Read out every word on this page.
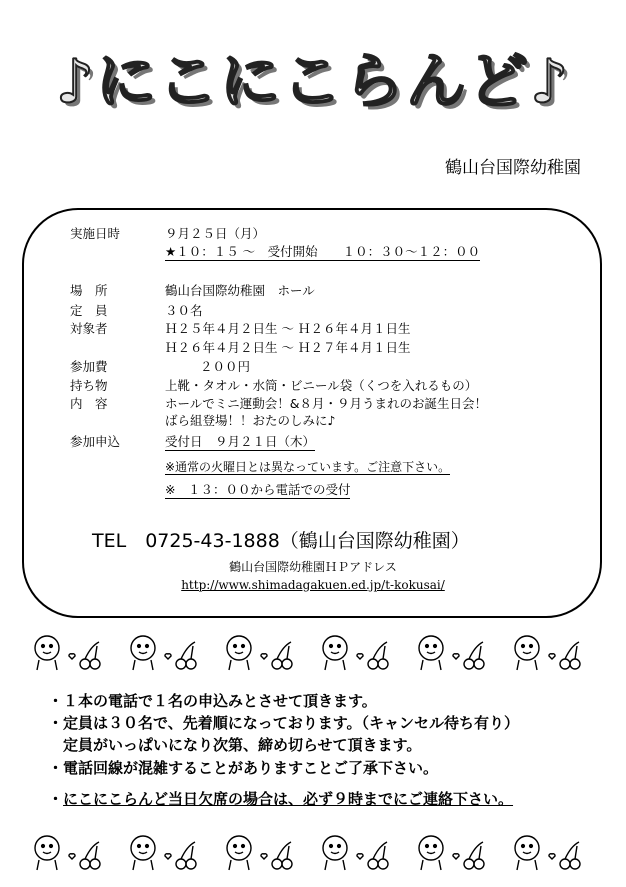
♪にこにこらんど♪
鶴山台国際幼稚園
実施日時	９月２５日（月）
★１０：１５ ～　受付開始　　１０：３０～１２：００
場　所	鶴山台国際幼稚園　ホール
定　員	３０名
対象者	Ｈ２５年４月２日生 ～ Ｈ２６年４月１日生
Ｈ２６年４月２日生 ～ Ｈ２７年４月１日生
参加費	２００円
持ち物	上靴・タオル・水筒・ビニール袋（くつを入れるもの）
内　容	ホールでミニ運動会！&８月・９月うまれのお誕生日会！
ばら組登場！！おたのしみに♪
参加申込	受付日　９月２１日（木）
※通常の火曜日とは異なっています。ご注意下さい。
※　１３：００から電話での受付
TEL　0725-43-1888（鶴山台国際幼稚園）
鶴山台国際幼稚園ＨＰアドレス
http://www.shimadagakuen.ed.jp/t-kokusai/
・１本の電話で１名の申込みとさせて頂きます。
・定員は３０名で、先着順になっております。（キャンセル待ち有り）
　定員がいっぱいになり次第、締め切らせて頂きます。
・電話回線が混雑することがありますことご了承下さい。
・にこにこらんど当日欠席の場合は、必ず９時までにご連絡下さい。
